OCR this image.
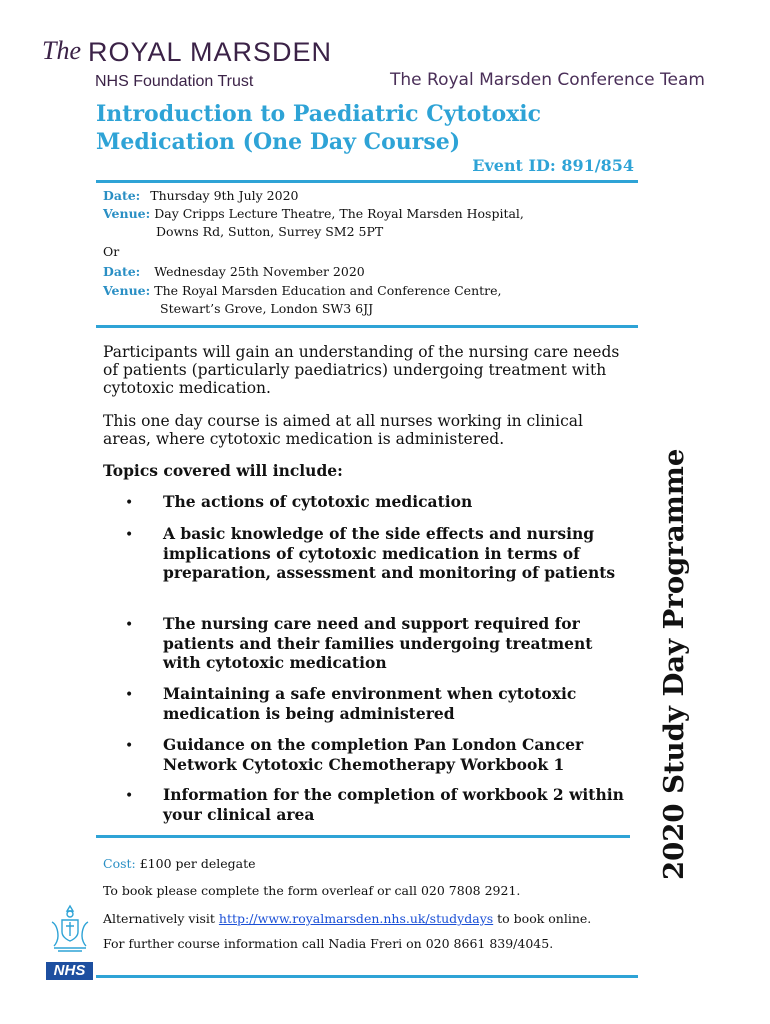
The ROYAL MARSDEN
NHS Foundation Trust	The Royal Marsden Conference Team
Introduction to Paediatric Cytotoxic
Medication (One Day Course)
Event ID: 891/854
Date: Thursday 9th July 2020
Venue: Day Cripps Lecture Theatre, The Royal Marsden Hospital,
Downs Rd, Sutton, Surrey SM2 5PT
Or
Date: Wednesday 25th November 2020
Venue: The Royal Marsden Education and Conference Centre,
Stewart’s Grove, London SW3 6JJ
Participants will gain an understanding of the nursing care needs of patients (particularly paediatrics) undergoing treatment with cytotoxic medication.
This one day course is aimed at all nurses working in clinical areas, where cytotoxic medication is administered.
Topics covered will include:
• The actions of cytotoxic medication
• A basic knowledge of the side effects and nursing implications of cytotoxic medication in terms of preparation, assessment and monitoring of patients
• The nursing care need and support required for patients and their families undergoing treatment with cytotoxic medication
• Maintaining a safe environment when cytotoxic medication is being administered
• Guidance on the completion Pan London Cancer Network Cytotoxic Chemotherapy Workbook 1
• Information for the completion of workbook 2 within your clinical area
Cost: £100 per delegate
To book please complete the form overleaf or call 020 7808 2921.
Alternatively visit http://www.royalmarsden.nhs.uk/studydays to book online.
For further course information call Nadia Freri on 020 8661 839/4045.
2020 Study Day Programme
NHS
